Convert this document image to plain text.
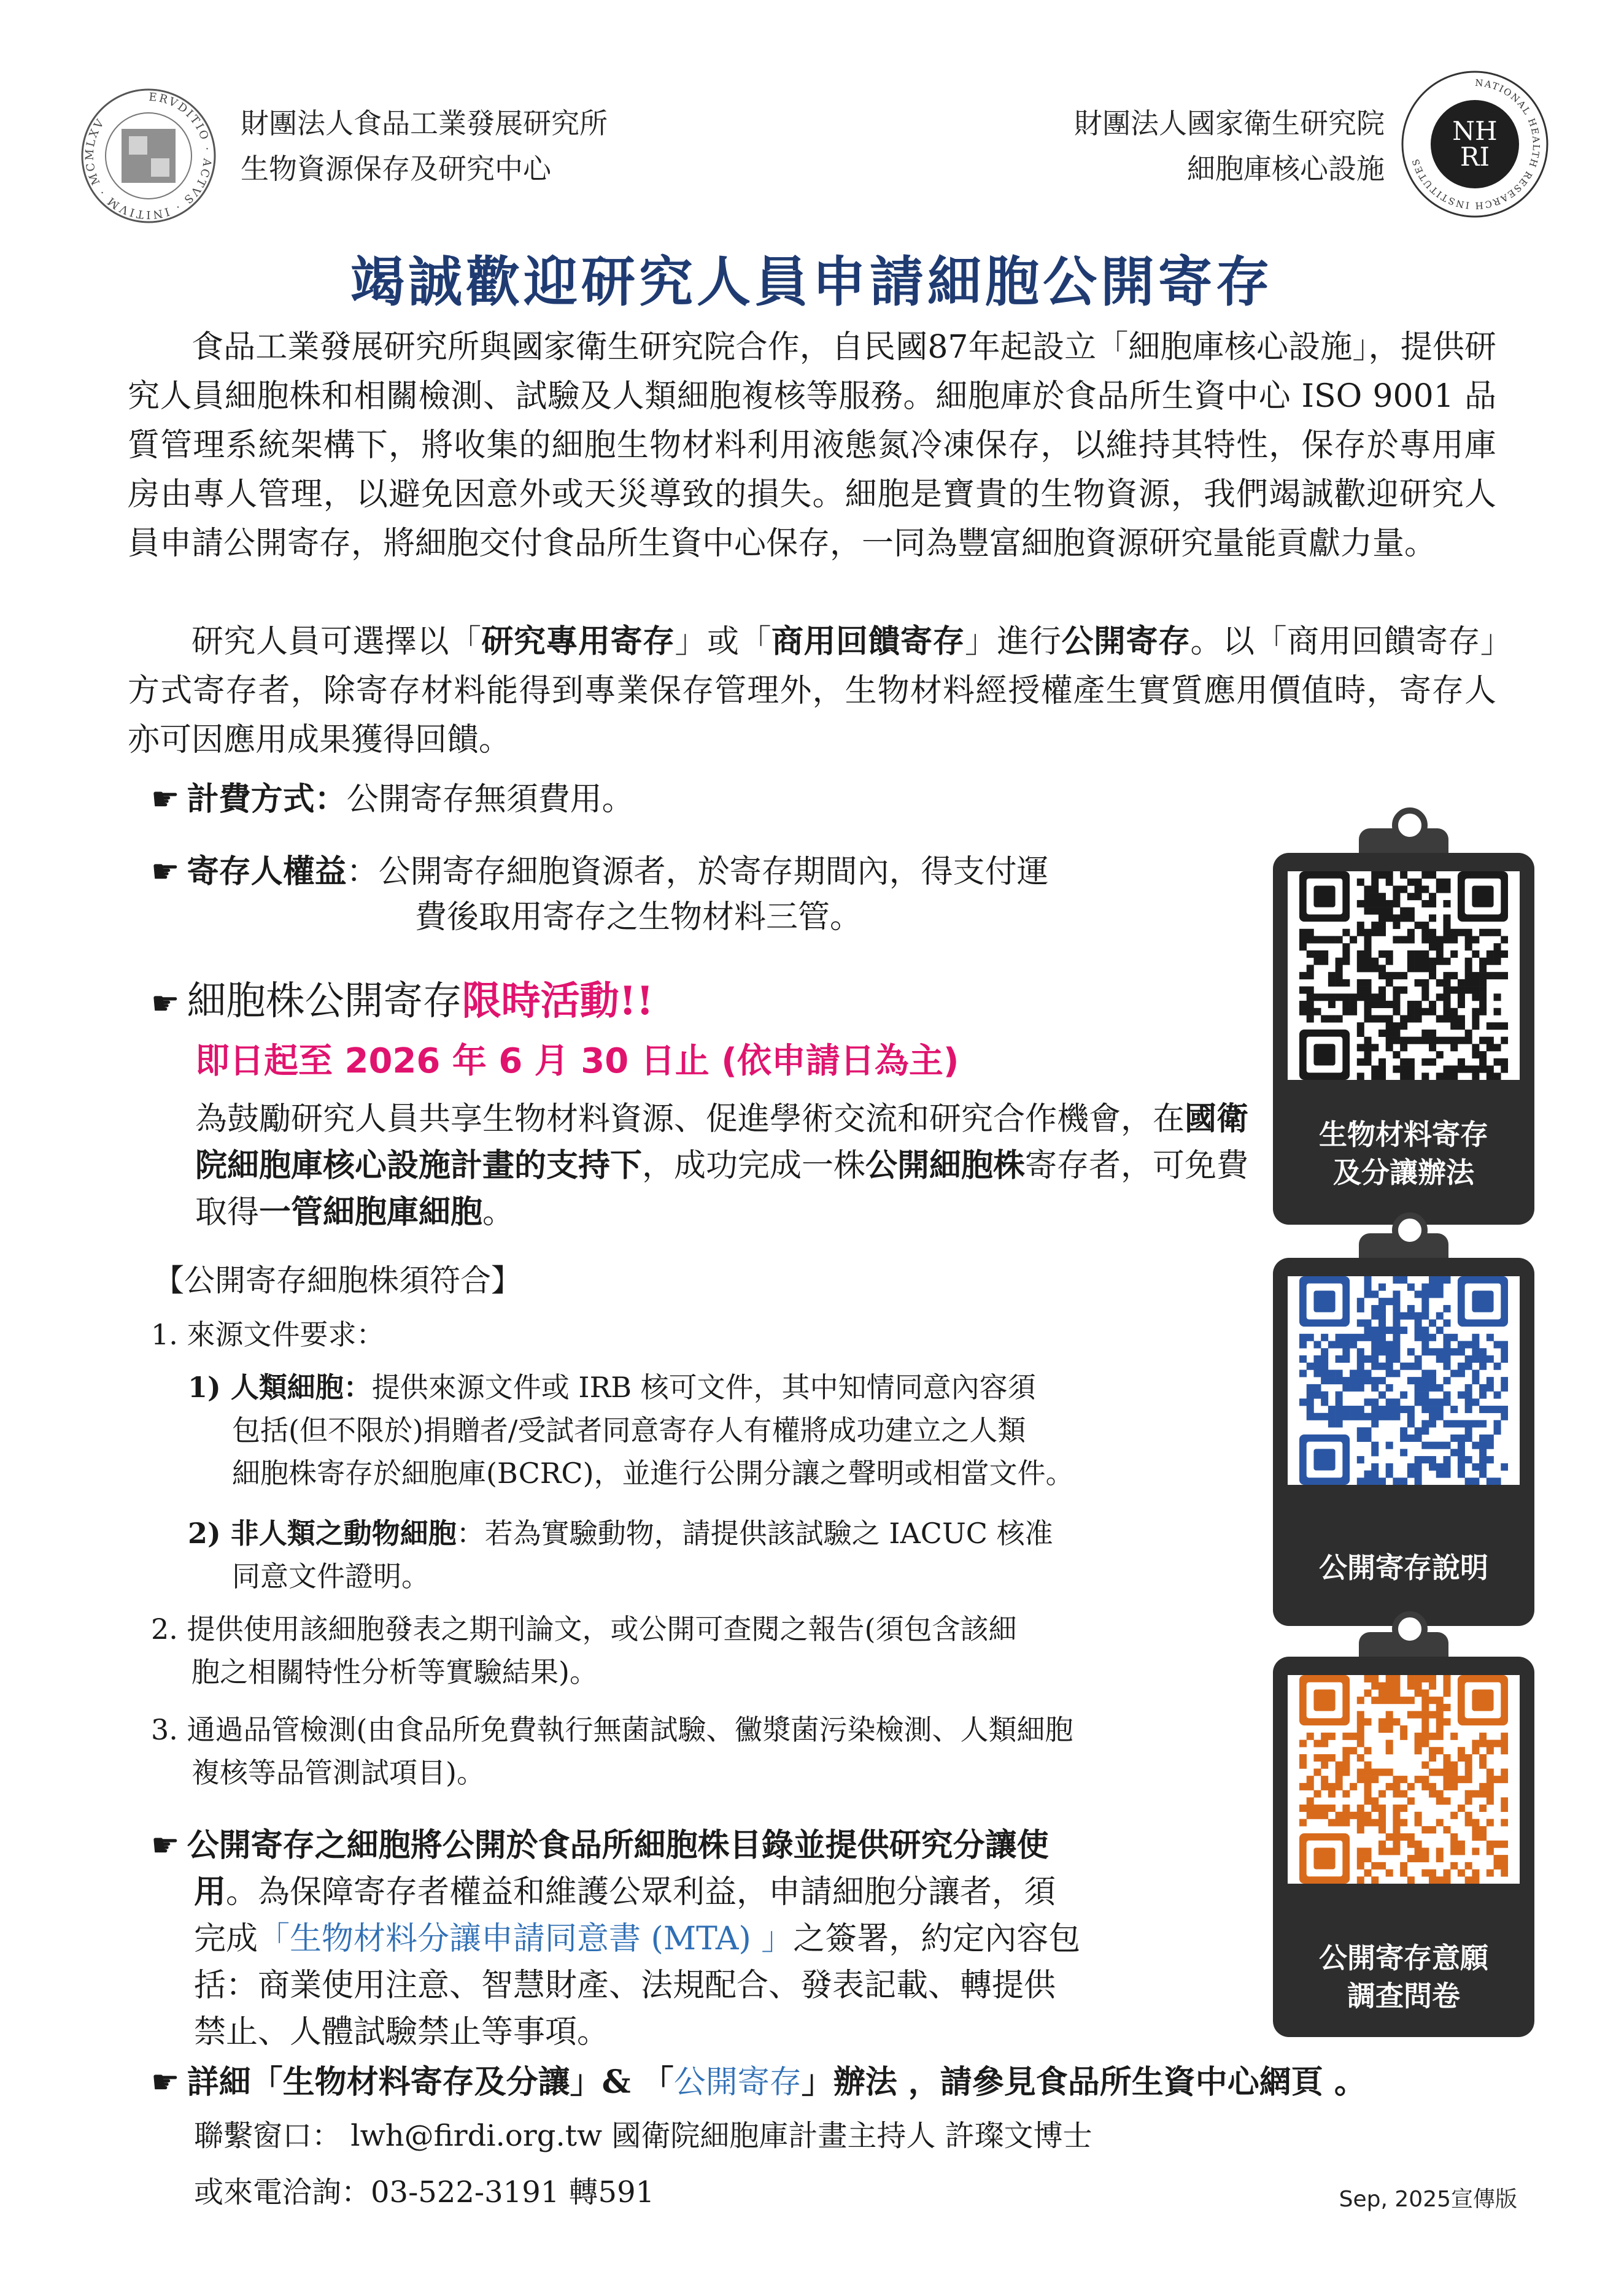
ERVDITIO · ACTVS · INITIVM · MCMLXV	財團法人食品工業發展研究所
生物資源保存及研究中心
財團法人國家衛生研究院
細胞庫核心設施
NH
RI
NATIONAL HEALTH RESEARCH INSTITUTES
竭誠歡迎研究人員申請細胞公開寄存
食品工業發展研究所與國家衛生研究院合作，自民國87年起設立「細胞庫核心設施」，提供研究人員細胞株和相關檢測、試驗及人類細胞複核等服務。細胞庫於食品所生資中心 ISO 9001 品質管理系統架構下，將收集的細胞生物材料利用液態氮冷凍保存，以維持其特性，保存於專用庫房由專人管理，以避免因意外或天災導致的損失。細胞是寶貴的生物資源，我們竭誠歡迎研究人員申請公開寄存，將細胞交付食品所生資中心保存，一同為豐富細胞資源研究量能貢獻力量。
研究人員可選擇以「研究專用寄存」或「商用回饋寄存」進行公開寄存。以「商用回饋寄存」方式寄存者，除寄存材料能得到專業保存管理外，生物材料經授權產生實質應用價值時，寄存人亦可因應用成果獲得回饋。
☛ 計費方式：公開寄存無須費用。
☛ 寄存人權益：公開寄存細胞資源者，於寄存期間內，得支付運
費後取用寄存之生物材料三管。
☛ 細胞株公開寄存限時活動!!
即日起至 2026 年 6 月 30 日止 (依申請日為主)
為鼓勵研究人員共享生物材料資源、促進學術交流和研究合作機會，在國衛院細胞庫核心設施計畫的支持下，成功完成一株公開細胞株寄存者，可免費取得一管細胞庫細胞。
【公開寄存細胞株須符合】
1. 來源文件要求：
1) 人類細胞：提供來源文件或 IRB 核可文件，其中知情同意內容須
包括(但不限於)捐贈者/受試者同意寄存人有權將成功建立之人類
細胞株寄存於細胞庫(BCRC)，並進行公開分讓之聲明或相當文件。
2) 非人類之動物細胞：若為實驗動物，請提供該試驗之 IACUC 核准
同意文件證明。
2. 提供使用該細胞發表之期刊論文，或公開可查閱之報告(須包含該細
胞之相關特性分析等實驗結果)。
3. 通過品管檢測(由食品所免費執行無菌試驗、黴漿菌污染檢測、人類細胞
複核等品管測試項目)。
☛ 公開寄存之細胞將公開於食品所細胞株目錄並提供研究分讓使
用。為保障寄存者權益和維護公眾利益，申請細胞分讓者，須
完成「生物材料分讓申請同意書 (MTA) 」之簽署，約定內容包
括：商業使用注意、智慧財產、法規配合、發表記載、轉提供
禁止、人體試驗禁止等事項。
☛ 詳細「生物材料寄存及分讓」& 「公開寄存」辦法 ，請參見食品所生資中心網頁 。
聯繫窗口： lwh@firdi.org.tw 國衛院細胞庫計畫主持人 許璨文博士
或來電洽詢：03-522-3191 轉591	Sep, 2025宣傳版
生物材料寄存
及分讓辦法
公開寄存說明
公開寄存意願
調查問卷
